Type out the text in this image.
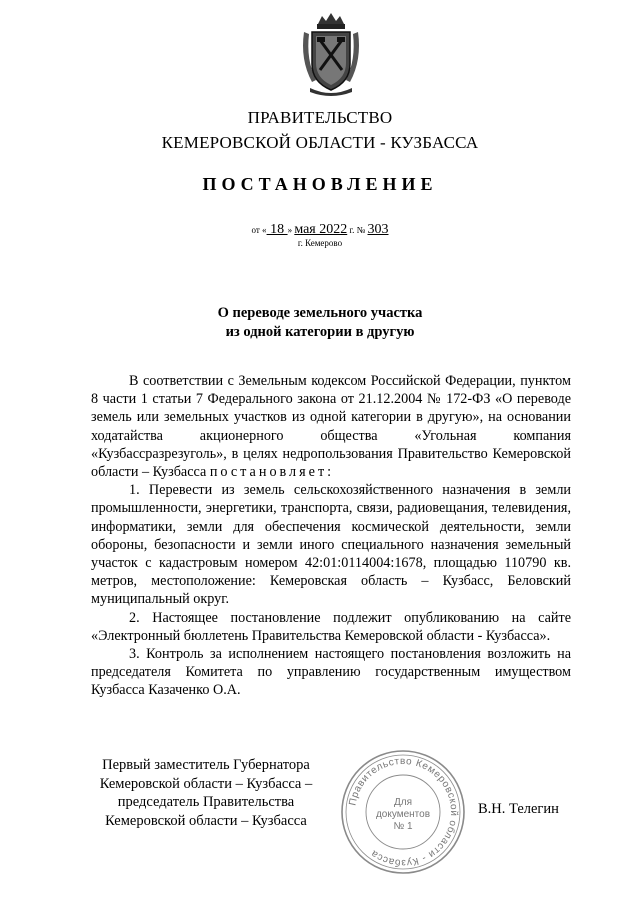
ПРАВИТЕЛЬСТВО
КЕМЕРОВСКОЙ ОБЛАСТИ - КУЗБАССА
ПОСТАНОВЛЕНИЕ
от « 18 » мая 2022 г. № 303
г. Кемерово
О переводе земельного участка
из одной категории в другую

В соответствии с Земельным кодексом Российской Федерации, пунктом 8 части 1 статьи 7 Федерального закона от 21.12.2004 № 172-ФЗ «О переводе земель или земельных участков из одной категории в другую», на основании ходатайства акционерного общества «Угольная компания «Кузбассразрезуголь», в целях недропользования Правительство Кемеровской области – Кузбасса постановляет:

1. Перевести из земель сельскохозяйственного назначения в земли промышленности, энергетики, транспорта, связи, радиовещания, телевидения, информатики, земли для обеспечения космической деятельности, земли обороны, безопасности и земли иного специального назначения земельный участок с кадастровым номером 42:01:0114004:1678, площадью 110790 кв. метров, местоположение: Кемеровская область – Кузбасс, Беловский муниципальный округ.

2. Настоящее постановление подлежит опубликованию на сайте «Электронный бюллетень Правительства Кемеровской области - Кузбасса».

3. Контроль за исполнением настоящего постановления возложить на председателя Комитета по управлению государственным имуществом Кузбасса Казаченко О.А.

Первый заместитель Губернатора
Кемеровской области – Кузбасса –
председатель Правительства
Кемеровской области – Кузбасса
В.Н. Телегин
Правительство Кемеровской области - Кузбасса
Для
документов
№ 1
